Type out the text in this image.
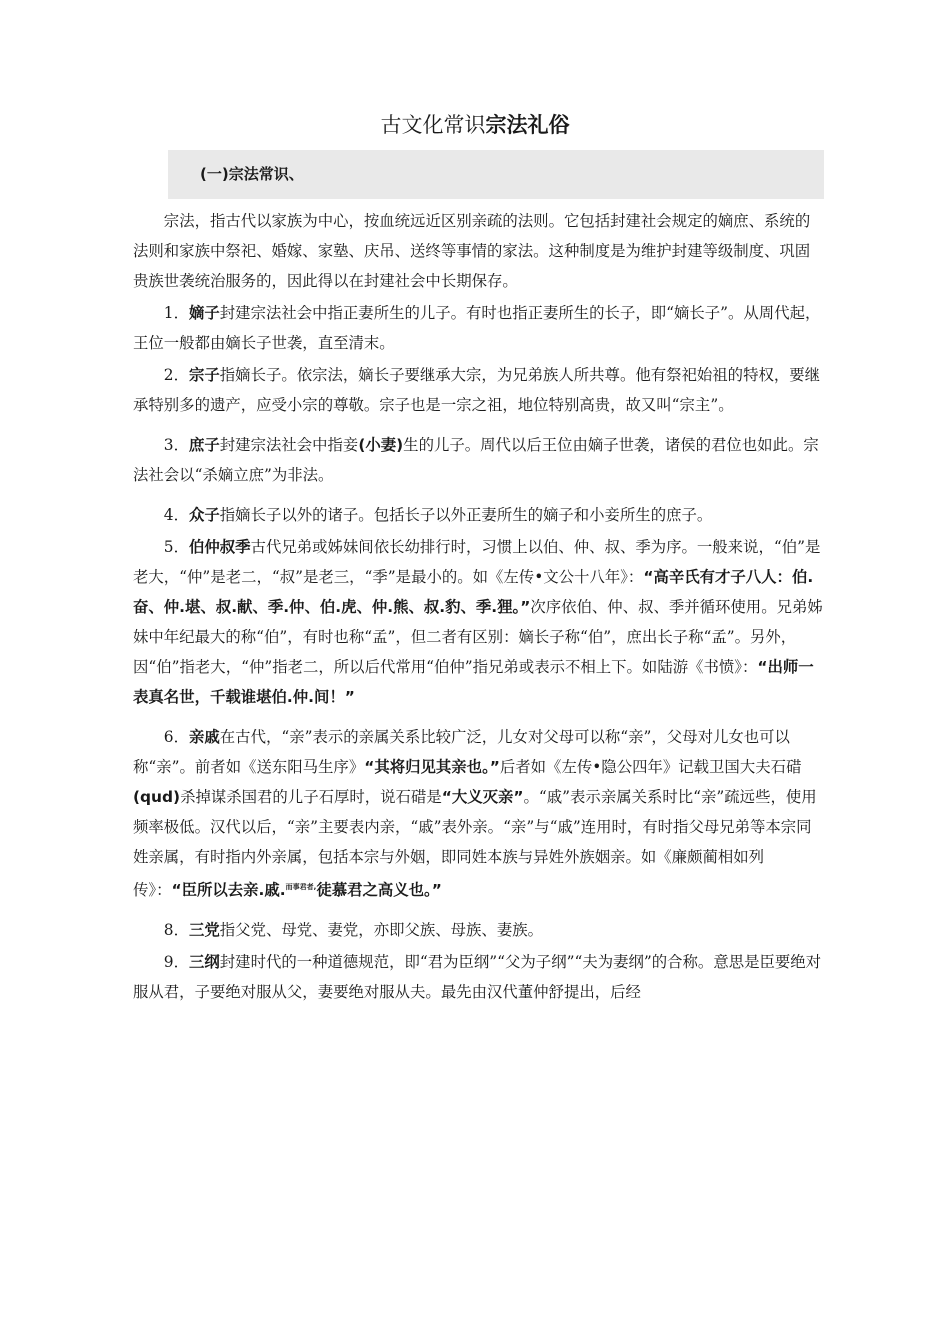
古文化常识宗法礼俗
(一)宗法常识、

宗法，指古代以家族为中心，按血统远近区别亲疏的法则。它包括封建社会规定的嫡庶、系统的法则和家族中祭祀、婚嫁、家塾、庆吊、送终等事情的家法。这种制度是为维护封建等级制度、巩固贵族世袭统治服务的，因此得以在封建社会中长期保存。

1．嫡子封建宗法社会中指正妻所生的儿子。有时也指正妻所生的长子，即“嫡长子”。从周代起，王位一般都由嫡长子世袭，直至清末。

2．宗子指嫡长子。依宗法，嫡长子要继承大宗，为兄弟族人所共尊。他有祭祀始祖的特权，要继承特别多的遗产，应受小宗的尊敬。宗子也是一宗之祖，地位特别高贵，故又叫“宗主”。

3．庶子封建宗法社会中指妾(小妻)生的儿子。周代以后王位由嫡子世袭，诸侯的君位也如此。宗法社会以“杀嫡立庶”为非法。

4．众子指嫡长子以外的诸子。包括长子以外正妻所生的嫡子和小妾所生的庶子。

5．伯仲叔季古代兄弟或姊妹间依长幼排行时，习惯上以伯、仲、叔、季为序。一般来说，“伯”是老大，“仲”是老二，“叔”是老三，“季”是最小的。如《左传•文公十八年》：“高辛氏有才子八人：伯.奋、仲.堪、叔.献、季.仲、伯.虎、仲.熊、叔.豹、季.狸。”次序依伯、仲、叔、季并循环使用。兄弟姊妹中年纪最大的称“伯”，有时也称“孟”，但二者有区别：嫡长子称“伯”，庶出长子称“孟”。另外，因“伯”指老大，“仲”指老二，所以后代常用“伯仲”指兄弟或表示不相上下。如陆游《书愤》：“出师一表真名世，千载谁堪伯.仲.间！”

6．亲戚在古代，“亲”表示的亲属关系比较广泛，儿女对父母可以称“亲”，父母对儿女也可以称“亲”。前者如《送东阳马生序》“其将归见其亲也。”后者如《左传•隐公四年》记载卫国大夫石碏(qud)杀掉谋杀国君的儿子石厚时，说石碏是“大义灭亲”。“戚”表示亲属关系时比“亲”疏远些，使用频率极低。汉代以后，“亲”主要表内亲，“戚”表外亲。“亲”与“戚”连用时，有时指父母兄弟等本宗同姓亲属，有时指内外亲属，包括本宗与外姻，即同姓本族与异姓外族姻亲。如《廉颇蔺相如列传》：“臣所以去亲.戚.$^{而事君者,}$徒慕君之高义也。”

8．三党指父党、母党、妻党，亦即父族、母族、妻族。

9．三纲封建时代的一种道德规范，即“君为臣纲”“父为子纲”“夫为妻纲”的合称。意思是臣要绝对服从君，子要绝对服从父，妻要绝对服从夫。最先由汉代董仲舒提出，后经
